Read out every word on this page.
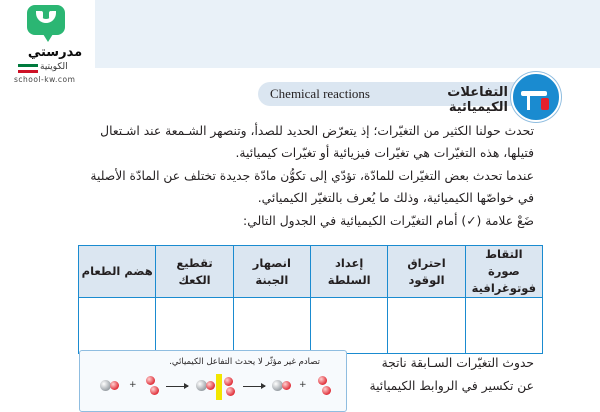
مدرستي
الكويتية
school-kw.com
Chemical reactions	التفاعلات الكيميائية
تحدث حولنا الكثير من التغيّرات؛ إذ يتعرّض الحديد للصدأ، وتنصهر الشـمعة عند اشـتعال
فتيلها، هذه التغيّرات هي تغيّرات فيزيائية أو تغيّرات كيميائية.
عندما تحدث بعض التغيّرات للمادّة، تؤدّي إلى تكوُّن مادّة جديدة تختلف عن المادّة الأصلية
في خواصّها الكيميائية، وذلك ما يُعرف بالتغيّر الكيميائي.
ضَعْ علامة (✓) أمام التغيّرات الكيميائية في الجدول التالي:
التقاط صورة فوتوغرافية	احتراق الوقود	إعداد السلطة	انصهار الجبنة	تقطيع الكعك	هضم الطعام

تصادم غير مؤثّر لا يحدث التفاعل الكيميائي.
+	+
حدوث التغيّرات السـابقة ناتجة
عن تكسير في الروابط الكيميائية
